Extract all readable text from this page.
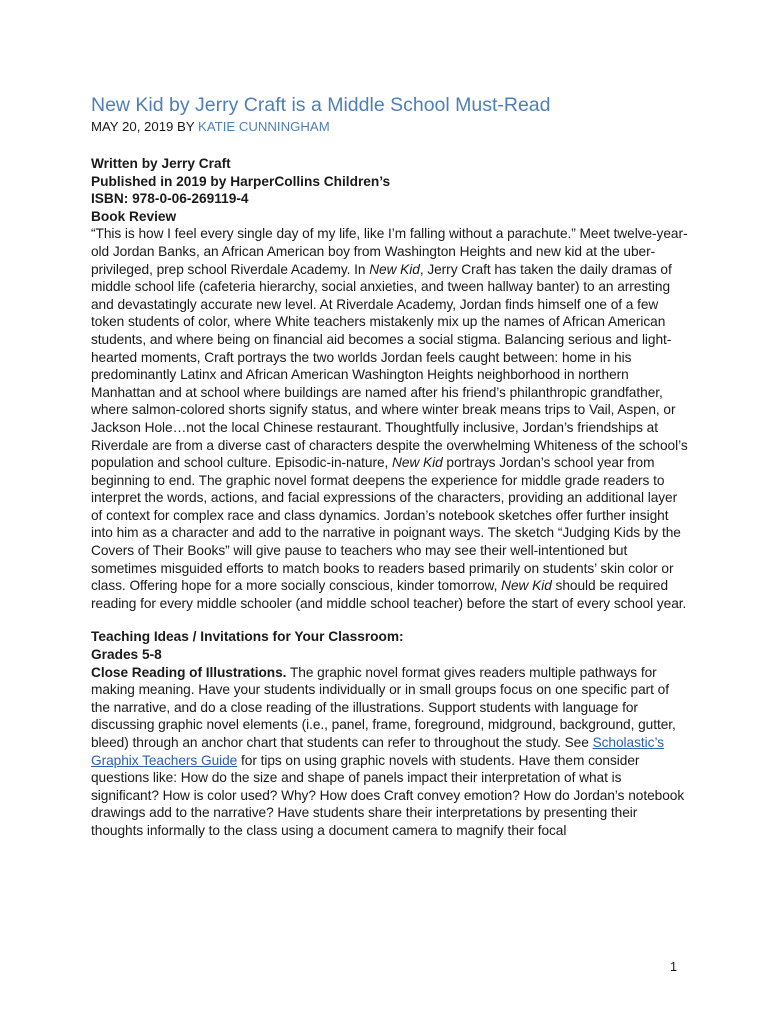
New Kid by Jerry Craft is a Middle School Must-Read

MAY 20, 2019 BY KATIE CUNNINGHAM

Written by Jerry Craft
Published in 2019 by HarperCollins Children’s
ISBN: 978-0-06-269119-4
Book Review

“This is how I feel every single day of my life, like I’m falling without a parachute.” Meet twelve-year-old Jordan Banks, an African American boy from Washington Heights and new kid at the uber-privileged, prep school Riverdale Academy. In New Kid, Jerry Craft has taken the daily dramas of middle school life (cafeteria hierarchy, social anxieties, and tween hallway banter) to an arresting and devastatingly accurate new level. At Riverdale Academy, Jordan finds himself one of a few token students of color, where White teachers mistakenly mix up the names of African American students, and where being on financial aid becomes a social stigma. Balancing serious and light-hearted moments, Craft portrays the two worlds Jordan feels caught between: home in his predominantly Latinx and African American Washington Heights neighborhood in northern Manhattan and at school where buildings are named after his friend’s philanthropic grandfather, where salmon-colored shorts signify status, and where winter break means trips to Vail, Aspen, or Jackson Hole…not the local Chinese restaurant. Thoughtfully inclusive, Jordan’s friendships at Riverdale are from a diverse cast of characters despite the overwhelming Whiteness of the school’s population and school culture. Episodic-in-nature, New Kid portrays Jordan’s school year from beginning to end. The graphic novel format deepens the experience for middle grade readers to interpret the words, actions, and facial expressions of the characters, providing an additional layer of context for complex race and class dynamics. Jordan’s notebook sketches offer further insight into him as a character and add to the narrative in poignant ways. The sketch “Judging Kids by the Covers of Their Books” will give pause to teachers who may see their well-intentioned but sometimes misguided efforts to match books to readers based primarily on students’ skin color or class. Offering hope for a more socially conscious, kinder tomorrow, New Kid should be required reading for every middle schooler (and middle school teacher) before the start of every school year.

Teaching Ideas / Invitations for Your Classroom:
Grades 5-8

Close Reading of Illustrations. The graphic novel format gives readers multiple pathways for making meaning. Have your students individually or in small groups focus on one specific part of the narrative, and do a close reading of the illustrations. Support students with language for discussing graphic novel elements (i.e., panel, frame, foreground, midground, background, gutter, bleed) through an anchor chart that students can refer to throughout the study. See Scholastic’s Graphix Teachers Guide for tips on using graphic novels with students. Have them consider questions like: How do the size and shape of panels impact their interpretation of what is significant? How is color used? Why? How does Craft convey emotion? How do Jordan’s notebook drawings add to the narrative? Have students share their interpretations by presenting their thoughts informally to the class using a document camera to magnify their focal

1
